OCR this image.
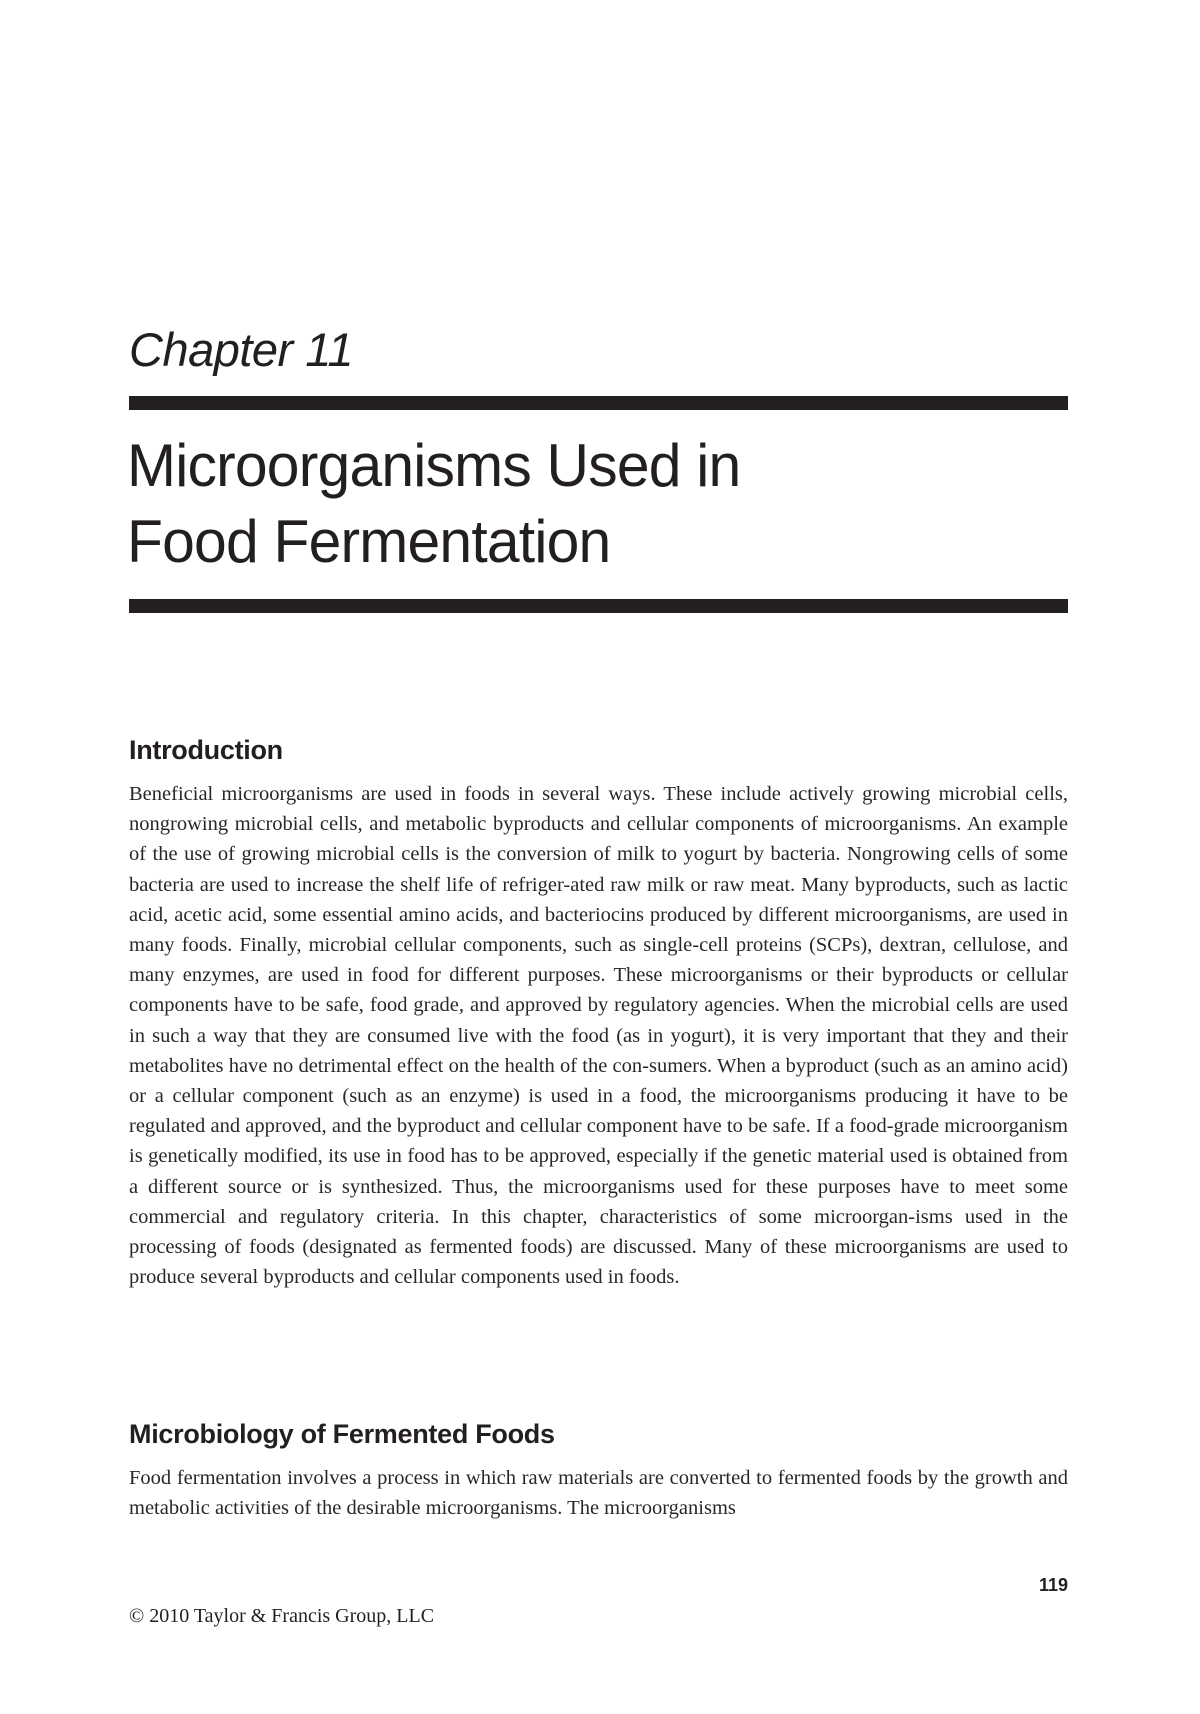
Chapter 11
Microorganisms Used in
Food Fermentation
Introduction

Beneficial microorganisms are used in foods in several ways. These include actively growing microbial cells, nongrowing microbial cells, and metabolic byproducts and cellular components of microorganisms. An example of the use of growing microbial cells is the conversion of milk to yogurt by bacteria. Nongrowing cells of some bacteria are used to increase the shelf life of refriger-ated raw milk or raw meat. Many byproducts, such as lactic acid, acetic acid, some essential amino acids, and bacteriocins produced by different microorganisms, are used in many foods. Finally, microbial cellular components, such as single-cell proteins (SCPs), dextran, cellulose, and many enzymes, are used in food for different purposes. These microorganisms or their byproducts or cellular components have to be safe, food grade, and approved by regulatory agencies. When the microbial cells are used in such a way that they are consumed live with the food (as in yogurt), it is very important that they and their metabolites have no detrimental effect on the health of the con-sumers. When a byproduct (such as an amino acid) or a cellular component (such as an enzyme) is used in a food, the microorganisms producing it have to be regulated and approved, and the byproduct and cellular component have to be safe. If a food-grade microorganism is genetically modified, its use in food has to be approved, especially if the genetic material used is obtained from a different source or is synthesized. Thus, the microorganisms used for these purposes have to meet some commercial and regulatory criteria. In this chapter, characteristics of some microorgan-isms used in the processing of foods (designated as fermented foods) are discussed. Many of these microorganisms are used to produce several byproducts and cellular components used in foods.

Microbiology of Fermented Foods

Food fermentation involves a process in which raw materials are converted to fermented foods by the growth and metabolic activities of the desirable microorganisms. The microorganisms

119
© 2010 Taylor & Francis Group, LLC
